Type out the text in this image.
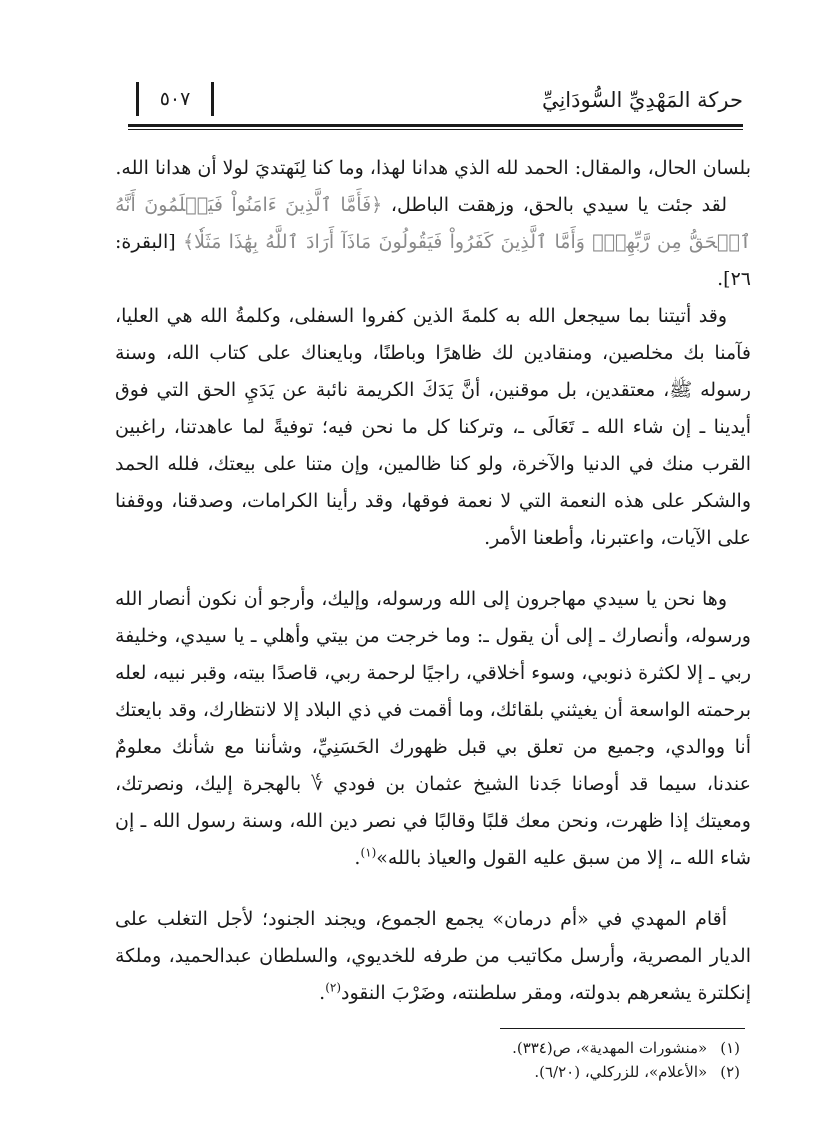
حركة المَهْدِيِّ السُّودَانِيِّ
٥٠٧

بلسان الحال، والمقال: الحمد لله الذي هدانا لهذا، وما كنا لِنَهتديَ لولا أن هدانا الله.

لقد جئت يا سيدي بالحق، وزهقت الباطل، ﴿فَأَمَّا ٱلَّذِينَ ءَامَنُواْ فَيَعۡلَمُونَ أَنَّهُ ٱلۡحَقُّ مِن رَّبِّهِمۡۖ وَأَمَّا ٱلَّذِينَ كَفَرُواْ فَيَقُولُونَ مَاذَآ أَرَادَ ٱللَّهُ بِهَٰذَا مَثَلٗا﴾ [البقرة: ٢٦].

وقد أتيتنا بما سيجعل الله به كلمةَ الذين كفروا السفلى، وكلمةُ الله هي العليا، فآمنا بك مخلصين، ومنقادين لك ظاهرًا وباطنًا، وبايعناك على كتاب الله، وسنة رسوله ﷺ، معتقدين، بل موقنين، أنَّ يَدَكَ الكريمة نائبة عن يَدَيِ الحق التي فوق أيدينا ـ إن شاء الله ـ تَعَالَى ـ، وتركنا كل ما نحن فيه؛ توفيةً لما عاهدتنا، راغبين القرب منك في الدنيا والآخرة، ولو كنا ظالمين، وإن متنا على بيعتك، فلله الحمد والشكر على هذه النعمة التي لا نعمة فوقها، وقد رأينا الكرامات، وصدقنا، ووقفنا على الآيات، واعتبرنا، وأطعنا الأمر.

وها نحن يا سيدي مهاجرون إلى الله ورسوله، وإليك، وأرجو أن نكون أنصار الله ورسوله، وأنصارك ـ إلى أن يقول ـ: وما خرجت من بيتي وأهلي ـ يا سيدي، وخليفة ربي ـ إلا لكثرة ذنوبي، وسوء أخلاقي، راجيًا لرحمة ربي، قاصدًا بيته، وقبر نبيه، لعله برحمته الواسعة أن يغيثني بلقائك، وما أقمت في ذي البلاد إلا لانتظارك، وقد بايعتك أنا ووالدي، وجميع من تعلق بي قبل ظهورك الحَسَنِيِّ، وشأننا مع شأنك معلومٌ عندنا، سيما قد أوصانا جَدنا الشيخ عثمان بن فودي ؇ بالهجرة إليك، ونصرتك، ومعيتك إذا ظهرت، ونحن معك قلبًا وقالبًا في نصر دين الله، وسنة رسول الله ـ إن شاء الله ـ، إلا من سبق عليه القول والعياذ بالله»$^{(١)}$.

أقام المهدي في «أم درمان» يجمع الجموع، ويجند الجنود؛ لأجل التغلب على الديار المصرية، وأرسل مكاتيب من طرفه للخديوي، والسلطان عبدالحميد، وملكة إنكلترة يشعرهم بدولته، ومقر سلطنته، وضَرْبَ النقود$^{(٢)}$.

(١) «منشورات المهدية»، ص(٣٣٤).
(٢) «الأعلام»، للزركلي، (٦/٢٠).
